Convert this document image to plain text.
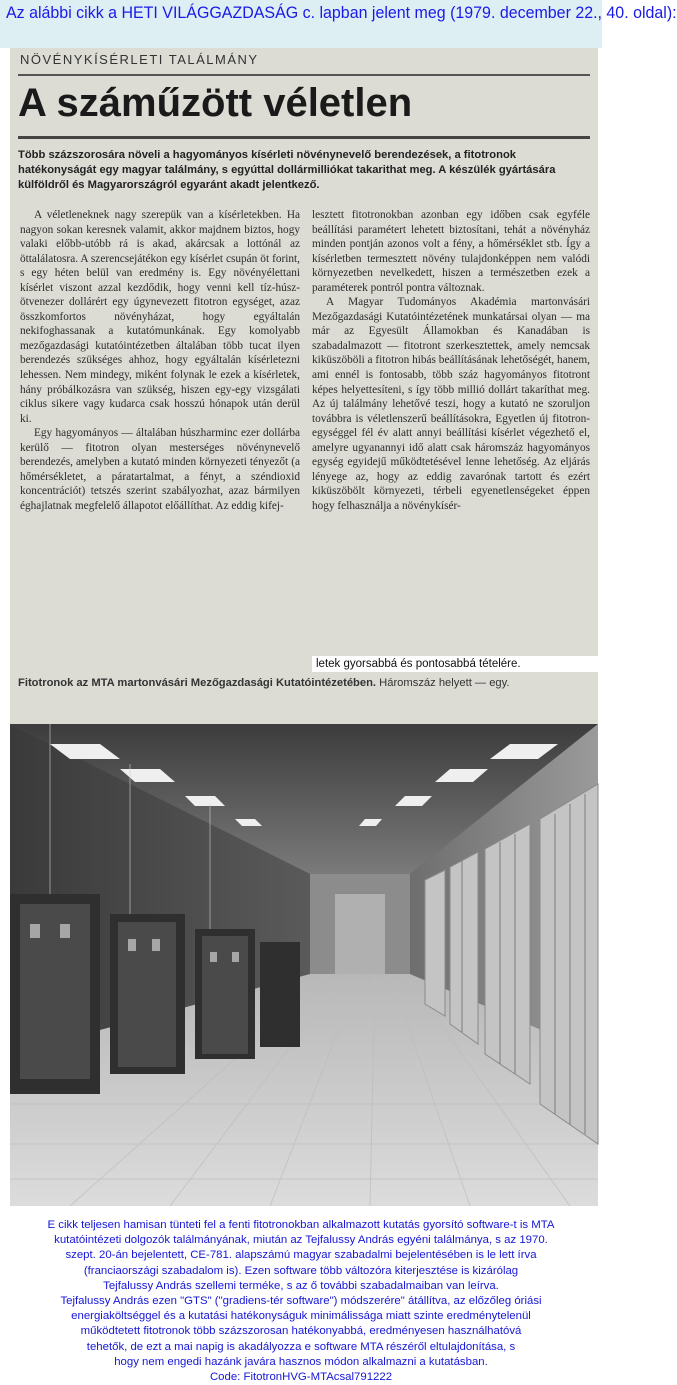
Az alábbi cikk a HETI VILÁGGAZDASÁG c. lapban jelent meg (1979. december 22., 40. oldal):
NÖVÉNYKÍSÉRLETI TALÁLMÁNY
A száműzött véletlen
Több százszorosára növeli a hagyományos kísérleti növénynevelő berendezések, a fitotronok hatékonyságát egy magyar találmány, s egyúttal dollármilliókat takarithat meg. A készülék gyártására külföldről és Magyarországról egyaránt akadt jelentkező.

A véletleneknek nagy szerepük van a kísérletekben. Ha nagyon sokan keresnek valamit, akkor majdnem biztos, hogy valaki előbb-utóbb rá is akad, akárcsak a lottónál az öttalálatosra. A szerencsejátékon egy kísérlet csupán öt forint, s egy héten belül van eredmény is. Egy növényélettani kísérlet viszont azzal kezdődik, hogy venni kell tíz-húsz-ötvenezer dollárért egy úgynevezett fitotron egységet, azaz összkomfortos növényházat, hogy egyáltalán nekifoghassanak a kutatómunkának. Egy komolyabb mezőgazdasági kutatóintézetben általában több tucat ilyen berendezés szükséges ahhoz, hogy egyáltalán kísérletezni lehessen. Nem mindegy, miként folynak le ezek a kísérletek, hány próbálkozásra van szükség, hiszen egy-egy vizsgálati ciklus sikere vagy kudarca csak hosszú hónapok után derül ki.

Egy hagyományos — általában húszharminc ezer dollárba kerülő — fitotron olyan mesterséges növénynevelő berendezés, amelyben a kutató minden környezeti tényezőt (a hőmérsékletet, a páratartalmat, a fényt, a széndioxid koncentrációt) tetszés szerint szabályozhat, azaz bármilyen éghajlatnak megfelelő állapotot előállíthat. Az eddig kifej-

lesztett fitotronokban azonban egy időben csak egyféle beállítási paramétert lehetett biztosítani, tehát a növényház minden pontján azonos volt a fény, a hőmérséklet stb. Így a kísérletben termesztett növény tulajdonképpen nem valódi környezetben nevelkedett, hiszen a természetben ezek a paraméterek pontról pontra változnak.

A Magyar Tudományos Akadémia martonvásári Mezőgazdasági Kutatóintézetének munkatársai olyan — ma már az Egyesült Államokban és Kanadában is szabadalmazott — fitotront szerkesztettek, amely nemcsak kiküszöböli a fitotron hibás beállításának lehetőségét, hanem, ami ennél is fontosabb, több száz hagyományos fitotront képes helyettesíteni, s így több millió dollárt takaríthat meg. Az új találmány lehetővé teszi, hogy a kutató ne szoruljon továbbra is véletlenszerű beállításokra, Egyetlen új fitotron-egységgel fél év alatt annyi beállítási kísérlet végezhető el, amelyre ugyanannyi idő alatt csak háromszáz hagyományos egység egyidejű működtetésével lenne lehetőség. Az eljárás lényege az, hogy az eddig zavarónak tartott és ezért kiküszöbölt környezeti, térbeli egyenetlenségeket éppen hogy felhasználja a növénykísér-

letek gyorsabbá és pontosabbá tételére.
Fitotronok az MTA martonvásári Mezőgazdasági Kutatóintézetében. Háromszáz helyett — egy.
E cikk teljesen hamisan tünteti fel a fenti fitotronokban alkalmazott kutatás gyorsító software-t is MTA
kutatóintézeti dolgozók találmányának, miután az Tejfalussy András egyéni találmánya, s az 1970.
szept. 20-án bejelentett, CE-781. alapszámú magyar szabadalmi bejelentésében is le lett írva
(franciaországi szabadalom is). Ezen software több változóra kiterjesztése is kizárólag
Tejfalussy András szellemi terméke, s az ő további szabadalmaiban van leírva.
Tejfalussy András ezen "GTS" ("gradiens-tér software") módszerére" átállítva, az előzőleg óriási
energiaköltséggel és a kutatási hatékonyságuk minimálissága miatt szinte eredménytelenül
működtetett fitotronok több százszorosan hatékonyabbá, eredményesen használhatóvá
tehetők, de ezt a mai napig is akadályozza e software MTA részéről eltulajdonítása, s
hogy nem engedi hazánk javára hasznos módon alkalmazni a kutatásban.
Code: FitotronHVG-MTAcsal791222
